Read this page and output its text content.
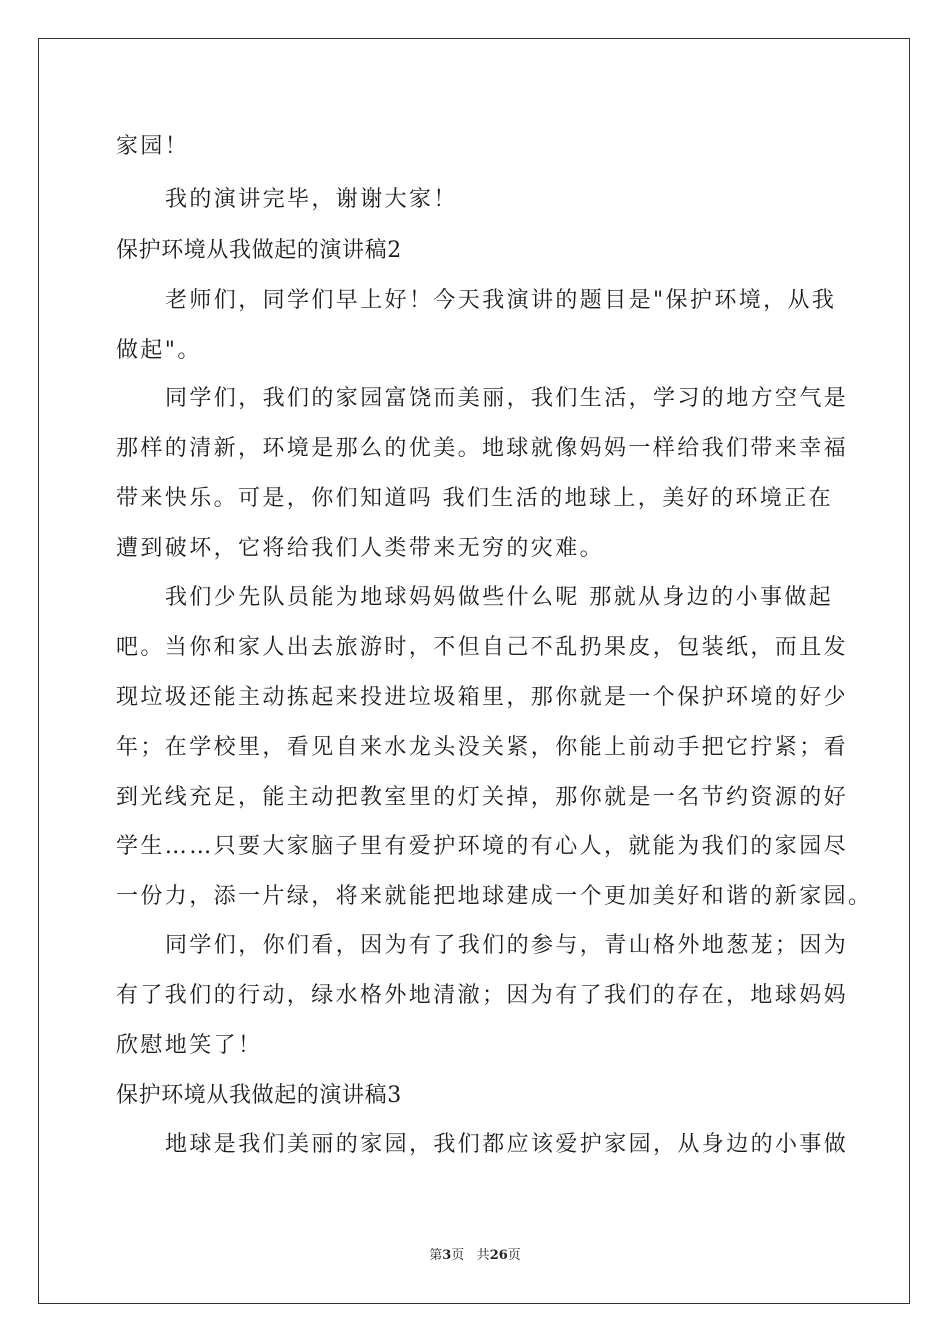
家园！
我的演讲完毕，谢谢大家！
保护环境从我做起的演讲稿2
老师们，同学们早上好！今天我演讲的题目是"保护环境，从我
做起"。
同学们，我们的家园富饶而美丽，我们生活，学习的地方空气是
那样的清新，环境是那么的优美。地球就像妈妈一样给我们带来幸福
带来快乐。可是，你们知道吗 我们生活的地球上，美好的环境正在
遭到破坏，它将给我们人类带来无穷的灾难。
我们少先队员能为地球妈妈做些什么呢 那就从身边的小事做起
吧。当你和家人出去旅游时，不但自己不乱扔果皮，包装纸，而且发
现垃圾还能主动拣起来投进垃圾箱里，那你就是一个保护环境的好少
年；在学校里，看见自来水龙头没关紧，你能上前动手把它拧紧；看
到光线充足，能主动把教室里的灯关掉，那你就是一名节约资源的好
学生……只要大家脑子里有爱护环境的有心人，就能为我们的家园尽
一份力，添一片绿，将来就能把地球建成一个更加美好和谐的新家园。
同学们，你们看，因为有了我们的参与，青山格外地葱茏；因为
有了我们的行动，绿水格外地清澈；因为有了我们的存在，地球妈妈
欣慰地笑了！
保护环境从我做起的演讲稿3
地球是我们美丽的家园，我们都应该爱护家园，从身边的小事做
第3页 共26页
